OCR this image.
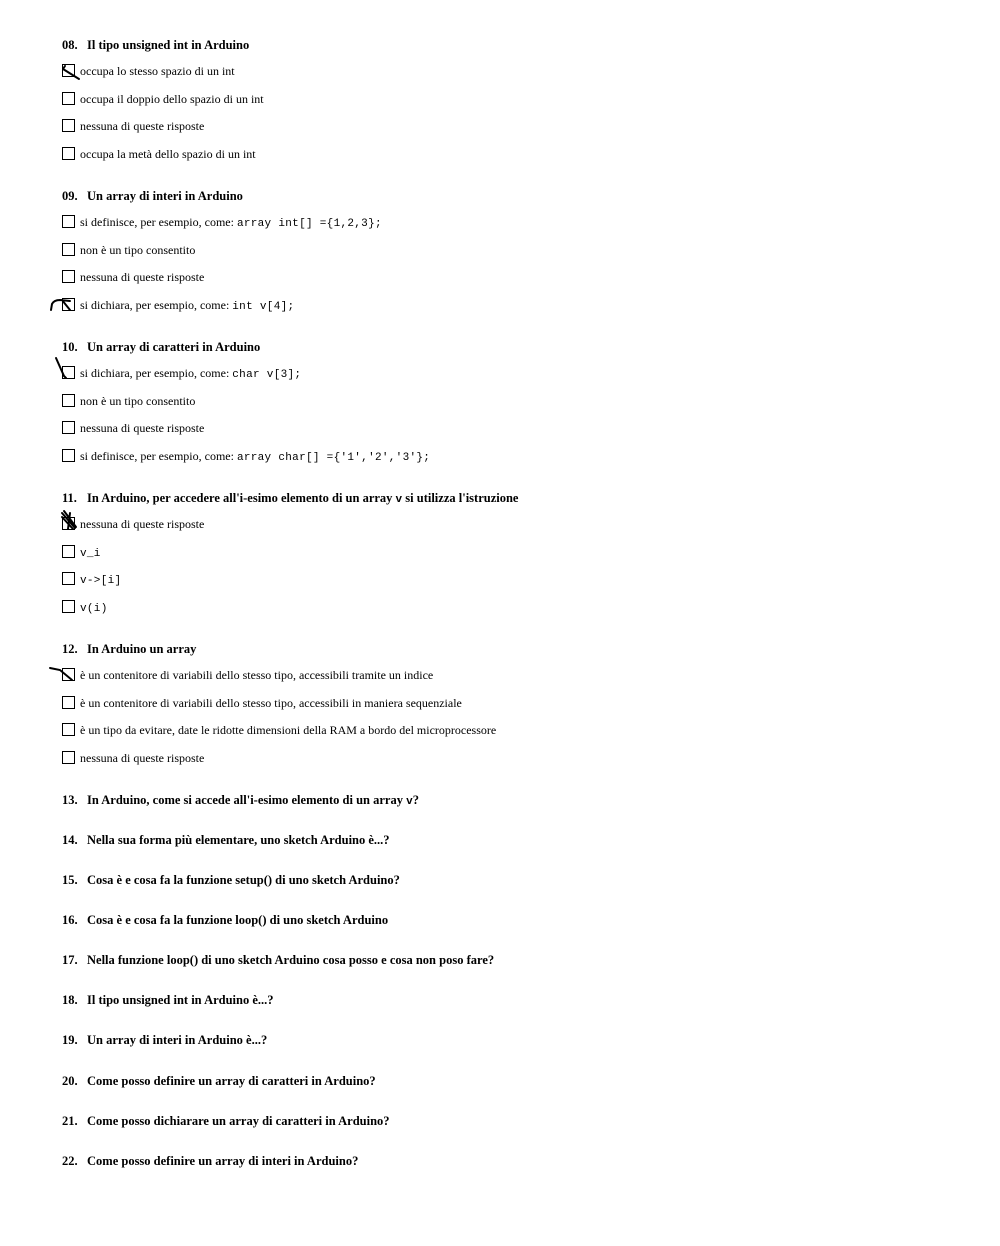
08. Il tipo unsigned int in Arduino
occupa lo stesso spazio di un int
occupa il doppio dello spazio di un int
nessuna di queste risposte
occupa la metà dello spazio di un int
09. Un array di interi in Arduino
si definisce, per esempio, come: array int[] ={1,2,3};
non è un tipo consentito
nessuna di queste risposte
si dichiara, per esempio, come: int v[4];
10. Un array di caratteri in Arduino
si dichiara, per esempio, come: char v[3];
non è un tipo consentito
nessuna di queste risposte
si definisce, per esempio, come: array char[] ={'1','2','3'};
11. In Arduino, per accedere all'i-esimo elemento di un array v si utilizza l'istruzione
nessuna di queste risposte
v_i
v->[i]
v(i)
12. In Arduino un array
è un contenitore di variabili dello stesso tipo, accessibili tramite un indice
è un contenitore di variabili dello stesso tipo, accessibili in maniera sequenziale
è un tipo da evitare, date le ridotte dimensioni della RAM a bordo del microprocessore
nessuna di queste risposte
13. In Arduino, come si accede all'i-esimo elemento di un array v?
14. Nella sua forma più elementare, uno sketch Arduino è...?
15. Cosa è e cosa fa la funzione setup() di uno sketch Arduino?
16. Cosa è e cosa fa la funzione loop() di uno sketch Arduino
17. Nella funzione loop() di uno sketch Arduino cosa posso e cosa non poso fare?
18. Il tipo unsigned int in Arduino è...?
19. Un array di interi in Arduino è...?
20. Come posso definire un array di caratteri in Arduino?
21. Come posso dichiarare un array di caratteri in Arduino?
22. Come posso definire un array di interi in Arduino?
